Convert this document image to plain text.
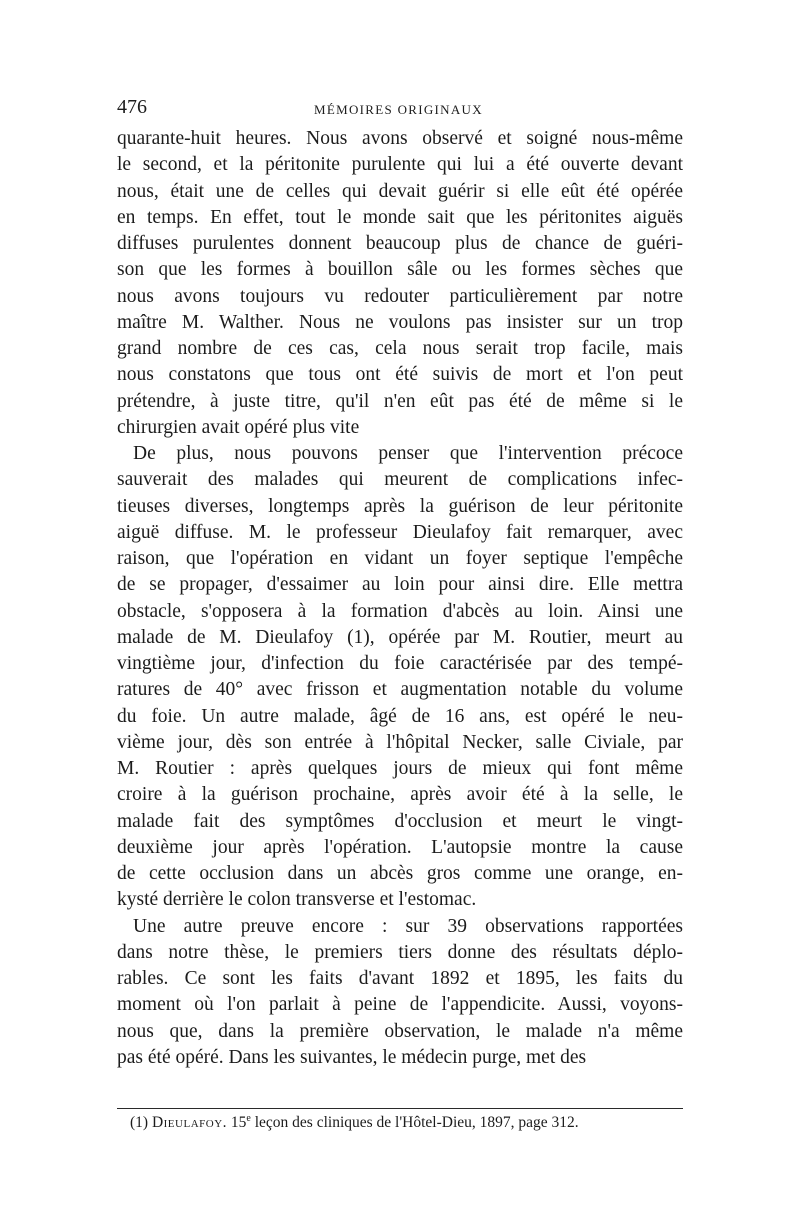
476	MÉMOIRES ORIGINAUX
quarante-huit heures. Nous avons observé et soigné nous-même
le second, et la péritonite purulente qui lui a été ouverte devant
nous, était une de celles qui devait guérir si elle eût été opérée
en temps. En effet, tout le monde sait que les péritonites aiguës
diffuses purulentes donnent beaucoup plus de chance de guéri-
son que les formes à bouillon sâle ou les formes sèches que
nous avons toujours vu redouter particulièrement par notre
maître M. Walther. Nous ne voulons pas insister sur un trop
grand nombre de ces cas, cela nous serait trop facile, mais
nous constatons que tous ont été suivis de mort et l'on peut
prétendre, à juste titre, qu'il n'en eût pas été de même si le
chirurgien avait opéré plus vite
De plus, nous pouvons penser que l'intervention précoce
sauverait des malades qui meurent de complications infec-
tieuses diverses, longtemps après la guérison de leur péritonite
aiguë diffuse. M. le professeur Dieulafoy fait remarquer, avec
raison, que l'opération en vidant un foyer septique l'empêche
de se propager, d'essaimer au loin pour ainsi dire. Elle mettra
obstacle, s'opposera à la formation d'abcès au loin. Ainsi une
malade de M. Dieulafoy (1), opérée par M. Routier, meurt au
vingtième jour, d'infection du foie caractérisée par des tempé-
ratures de 40° avec frisson et augmentation notable du volume
du foie. Un autre malade, âgé de 16 ans, est opéré le neu-
vième jour, dès son entrée à l'hôpital Necker, salle Civiale, par
M. Routier : après quelques jours de mieux qui font même
croire à la guérison prochaine, après avoir été à la selle, le
malade fait des symptômes d'occlusion et meurt le vingt-
deuxième jour après l'opération. L'autopsie montre la cause
de cette occlusion dans un abcès gros comme une orange, en-
kysté derrière le colon transverse et l'estomac.
Une autre preuve encore : sur 39 observations rapportées
dans notre thèse, le premiers tiers donne des résultats déplo-
rables. Ce sont les faits d'avant 1892 et 1895, les faits du
moment où l'on parlait à peine de l'appendicite. Aussi, voyons-
nous que, dans la première observation, le malade n'a même
pas été opéré. Dans les suivantes, le médecin purge, met des
(1) Dieulafoy. 15e leçon des cliniques de l'Hôtel-Dieu, 1897, page 312.
